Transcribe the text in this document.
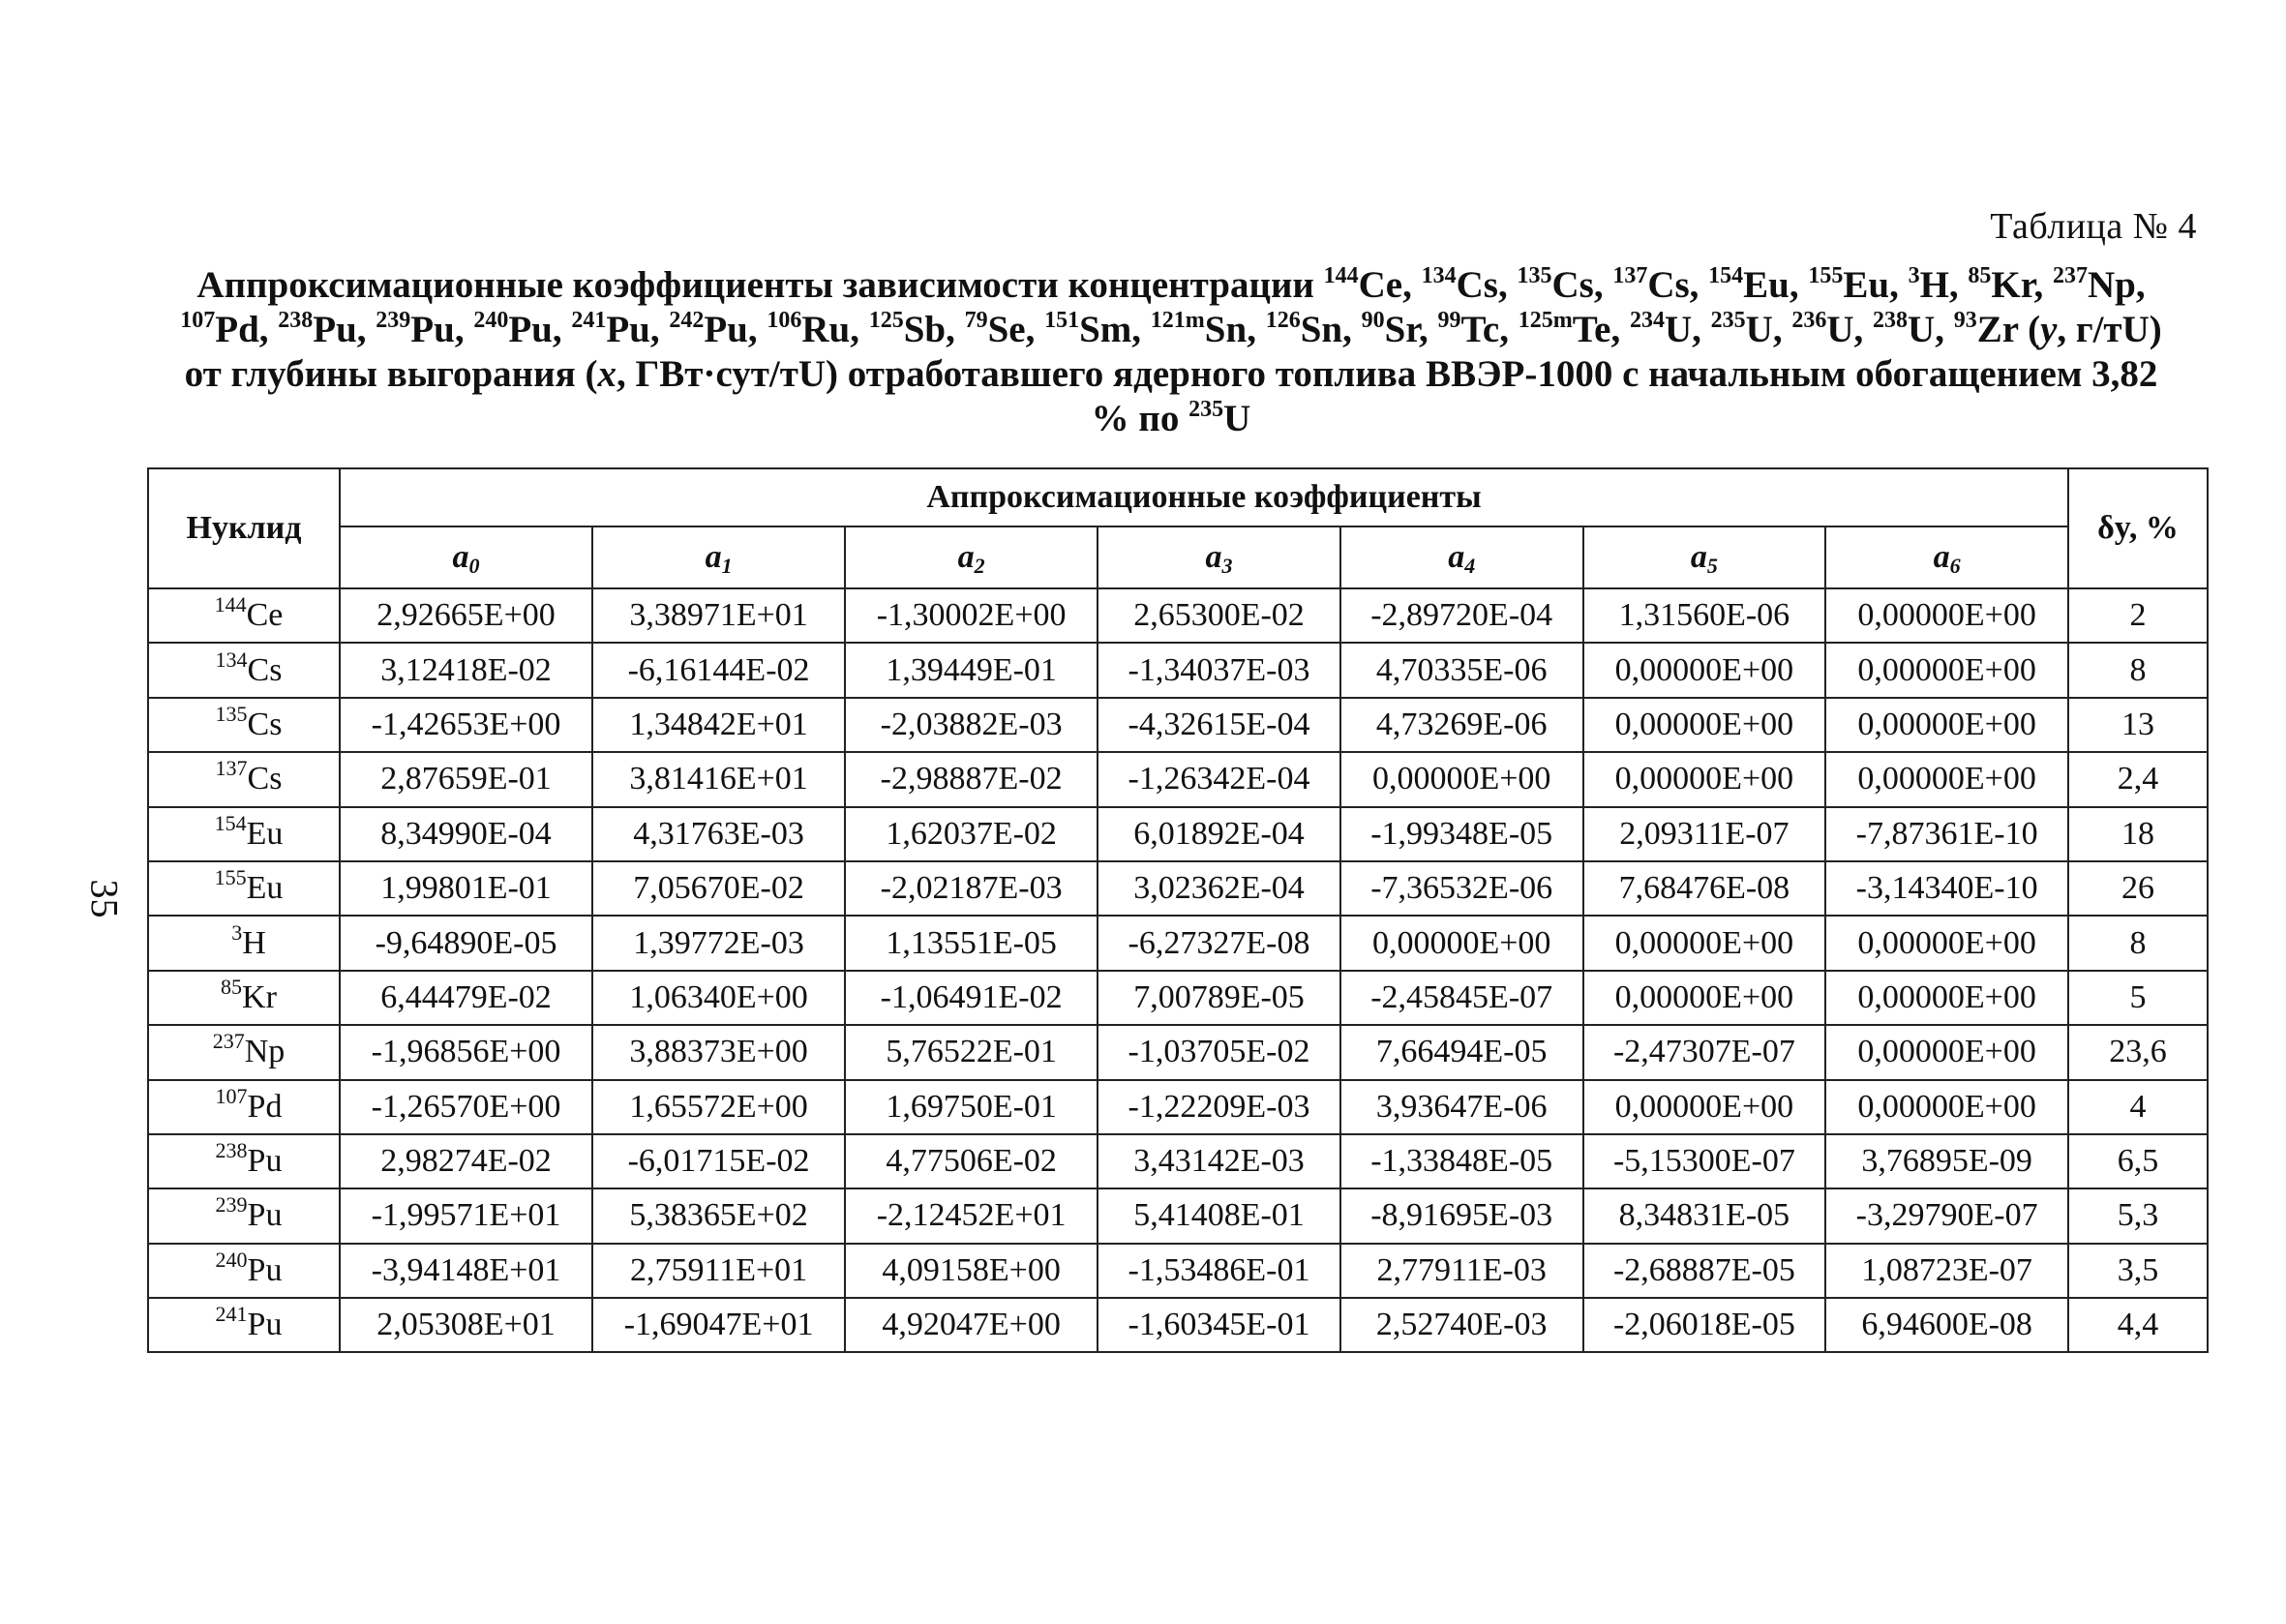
Таблица № 4
Аппроксимационные коэффициенты зависимости концентрации $^{144}$Ce, $^{134}$Cs, $^{135}$Cs, $^{137}$Cs, $^{154}$Eu, $^{155}$Eu, $^3$H, $^{85}$Kr, $^{237}$Np, $^{107}$Pd, $^{238}$Pu, $^{239}$Pu, $^{240}$Pu, $^{241}$Pu, $^{242}$Pu, $^{106}$Ru, $^{125}$Sb, $^{79}$Se, $^{151}$Sm, $^{121m}$Sn, $^{126}$Sn, $^{90}$Sr, $^{99}$Tc, $^{125m}$Te, $^{234}$U, $^{235}$U, $^{236}$U, $^{238}$U, $^{93}$Zr (y, г/тU) от глубины выгорания (x, ГВт·сут/тU) отработавшего ядерного топлива ВВЭР-1000 с начальным обогащением 3,82 % по $^{235}$U
35
Нуклид	Аппроксимационные коэффициенты							δy, %
	$a_0$	$a_1$	$a_2$	$a_3$	$a_4$	$a_5$	$a_6$
$^{144}$Ce	2,92665E+00	3,38971E+01	-1,30002E+00	2,65300E-02	-2,89720E-04	1,31560E-06	0,00000E+00	2
$^{134}$Cs	3,12418E-02	-6,16144E-02	1,39449E-01	-1,34037E-03	4,70335E-06	0,00000E+00	0,00000E+00	8
$^{135}$Cs	-1,42653E+00	1,34842E+01	-2,03882E-03	-4,32615E-04	4,73269E-06	0,00000E+00	0,00000E+00	13
$^{137}$Cs	2,87659E-01	3,81416E+01	-2,98887E-02	-1,26342E-04	0,00000E+00	0,00000E+00	0,00000E+00	2,4
$^{154}$Eu	8,34990E-04	4,31763E-03	1,62037E-02	6,01892E-04	-1,99348E-05	2,09311E-07	-7,87361E-10	18
$^{155}$Eu	1,99801E-01	7,05670E-02	-2,02187E-03	3,02362E-04	-7,36532E-06	7,68476E-08	-3,14340E-10	26
$^3$H	-9,64890E-05	1,39772E-03	1,13551E-05	-6,27327E-08	0,00000E+00	0,00000E+00	0,00000E+00	8
$^{85}$Kr	6,44479E-02	1,06340E+00	-1,06491E-02	7,00789E-05	-2,45845E-07	0,00000E+00	0,00000E+00	5
$^{237}$Np	-1,96856E+00	3,88373E+00	5,76522E-01	-1,03705E-02	7,66494E-05	-2,47307E-07	0,00000E+00	23,6
$^{107}$Pd	-1,26570E+00	1,65572E+00	1,69750E-01	-1,22209E-03	3,93647E-06	0,00000E+00	0,00000E+00	4
$^{238}$Pu	2,98274E-02	-6,01715E-02	4,77506E-02	3,43142E-03	-1,33848E-05	-5,15300E-07	3,76895E-09	6,5
$^{239}$Pu	-1,99571E+01	5,38365E+02	-2,12452E+01	5,41408E-01	-8,91695E-03	8,34831E-05	-3,29790E-07	5,3
$^{240}$Pu	-3,94148E+01	2,75911E+01	4,09158E+00	-1,53486E-01	2,77911E-03	-2,68887E-05	1,08723E-07	3,5
$^{241}$Pu	2,05308E+01	-1,69047E+01	4,92047E+00	-1,60345E-01	2,52740E-03	-2,06018E-05	6,94600E-08	4,4
